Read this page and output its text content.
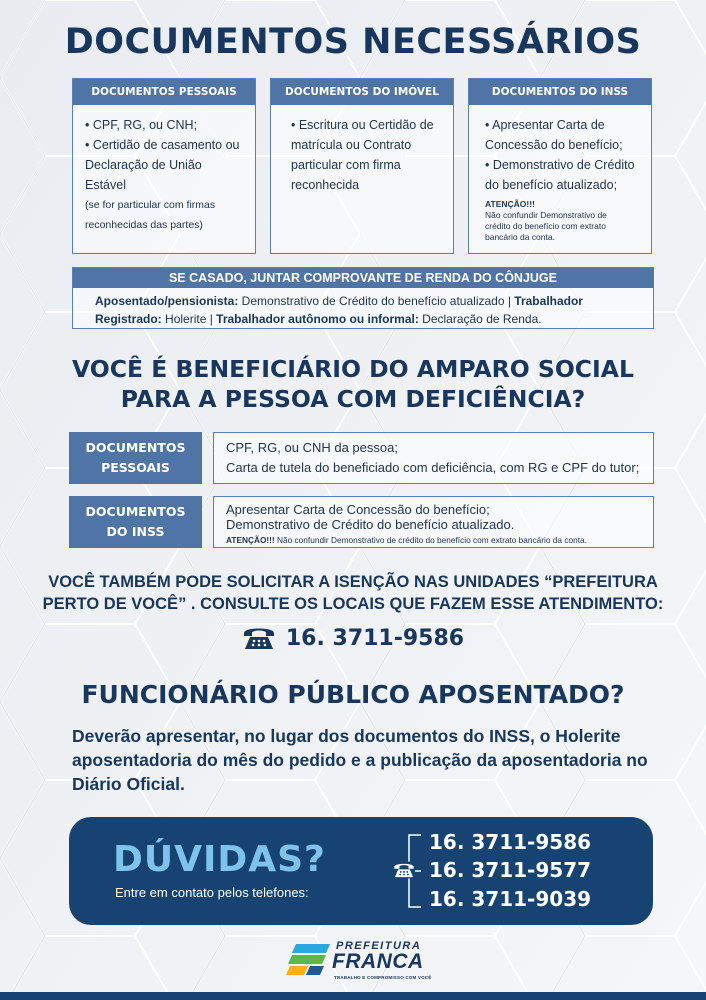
DOCUMENTOS NECESSÁRIOS
DOCUMENTOS PESSOAIS
• CPF, RG, ou CNH;
• Certidão de casamento ou
Declaração de União Estável
(se for particular com firmas
reconhecidas das partes)
DOCUMENTOS DO IMÓVEL
• Escritura ou Certidão de
matrícula ou Contrato
particular com firma
reconhecida
DOCUMENTOS DO INSS
• Apresentar Carta de
Concessão do benefício;
• Demonstrativo de Crédito
do benefício atualizado;
ATENÇÃO!!!
Não confundir Demonstrativo de
crédito do benefício com extrato
bancário da conta.
SE CASADO, JUNTAR COMPROVANTE DE RENDA DO CÔNJUGE
Aposentado/pensionista: Demonstrativo de Crédito do benefício atualizado | Trabalhador
Registrado: Holerite | Trabalhador autônomo ou informal: Declaração de Renda.
VOCÊ É BENEFICIÁRIO DO AMPARO SOCIAL
PARA A PESSOA COM DEFICIÊNCIA?
DOCUMENTOS
PESSOAIS
CPF, RG, ou CNH da pessoa;
Carta de tutela do beneficiado com deficiência, com RG e CPF do tutor;
DOCUMENTOS
DO INSS
Apresentar Carta de Concessão do benefício;
Demonstrativo de Crédito do benefício atualizado.
ATENÇÃO!!! Não confundir Demonstrativo de crédito do benefício com extrato bancário da conta.
VOCÊ TAMBÉM PODE SOLICITAR A ISENÇÃO NAS UNIDADES “PREFEITURA
PERTO DE VOCÊ” . CONSULTE OS LOCAIS QUE FAZEM ESSE ATENDIMENTO:
16. 3711-9586
FUNCIONÁRIO PÚBLICO APOSENTADO?
Deverão apresentar, no lugar dos documentos do INSS, o Holerite aposentadoria do mês do pedido e a publicação da aposentadoria no Diário Oficial.
DÚVIDAS?
Entre em contato pelos telefones:
16. 3711-9586
16. 3711-9577
16. 3711-9039
PREFEITURA
FRANCA
TRABALHO E COMPROMISSO COM VOCÊ
